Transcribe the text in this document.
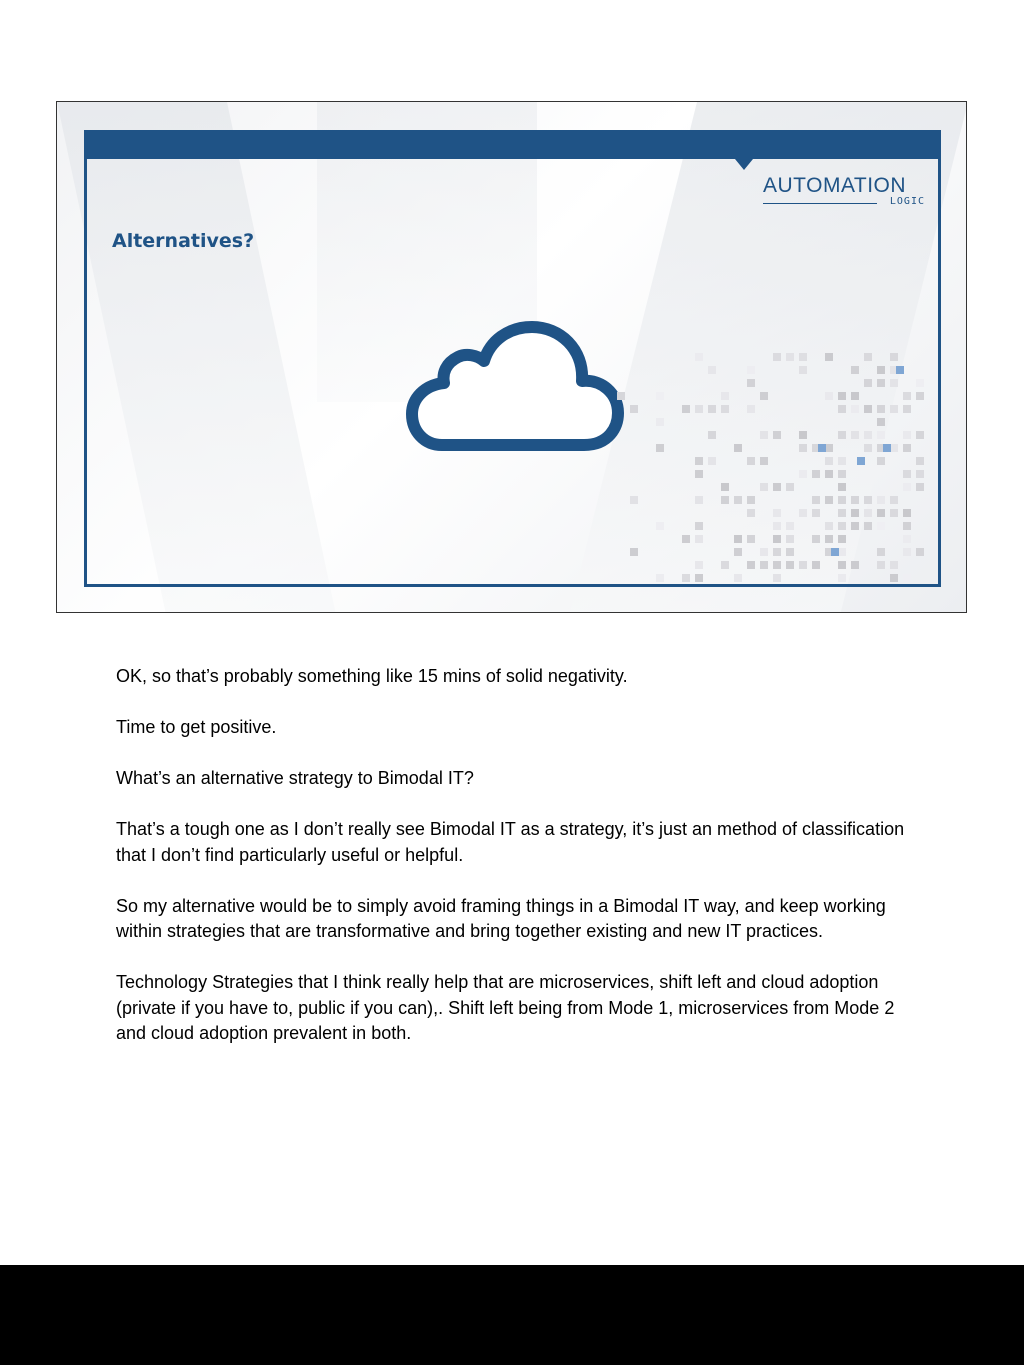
AUTOMATION
LOGIC
Alternatives?

OK, so that’s probably something like 15 mins of solid negativity.

Time to get positive.

What’s an alternative strategy to Bimodal IT?

That’s a tough one as I don’t really see Bimodal IT as a strategy, it’s just an method of classification that I don’t find particularly useful or helpful.

So my alternative would be to simply avoid framing things in a Bimodal IT way, and keep working within strategies that are transformative and bring together existing and new IT practices.

Technology Strategies that I think really help that are microservices, shift left and cloud adoption (private if you have to, public if you can),. Shift left being from Mode 1, microservices from Mode 2 and cloud adoption prevalent in both.
